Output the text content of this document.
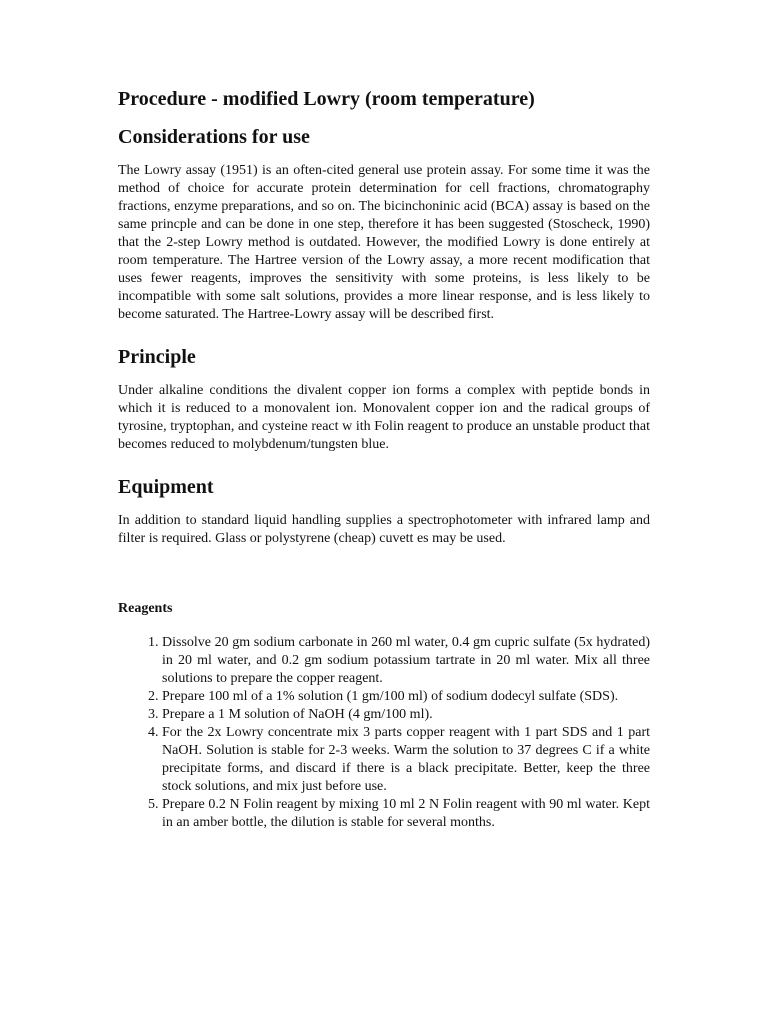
Procedure - modified Lowry (room temperature)
Considerations for use

The Lowry assay (1951) is an often-cited general use protein assay. For some time it was the method of choice for accurate protein determination for cell fractions, chromatography fractions, enzyme preparations, and so on. The bicinchoninic acid (BCA) assay is based on the same princple and can be done in one step, therefore it has been suggested (Stoscheck, 1990) that the 2-step Lowry method is outdated. However, the modified Lowry is done entirely at room temperature. The Hartree version of the Lowry assay, a more recent modification that uses fewer reagents, improves the sensitivity with some proteins, is less likely to be incompatible with some salt solutions, provides a more linear response, and is less likely to become saturated. The Hartree-Lowry assay will be described first.

Principle

Under alkaline conditions the divalent copper ion forms a complex with peptide bonds in which it is reduced to a monovalent ion. Monovalent copper ion and the radical groups of tyrosine, tryptophan, and cysteine react w ith Folin reagent to produce an unstable product that becomes reduced to molybdenum/tungsten blue.

Equipment

In addition to standard liquid handling supplies a spectrophotometer with infrared lamp and filter is required. Glass or polystyrene (cheap) cuvett es may be used.

Reagents
1. Dissolve 20 gm sodium carbonate in 260 ml water, 0.4 gm cupric sulfate (5x hydrated) in 20 ml water, and 0.2 gm sodium potassium tartrate in 20 ml water. Mix all three solutions to prepare the copper reagent.
2. Prepare 100 ml of a 1% solution (1 gm/100 ml) of sodium dodecyl sulfate (SDS).
3. Prepare a 1 M solution of NaOH (4 gm/100 ml).
4. For the 2x Lowry concentrate mix 3 parts copper reagent with 1 part SDS and 1 part NaOH. Solution is stable for 2-3 weeks. Warm the solution to 37 degrees C if a white precipitate forms, and discard if there is a black precipitate. Better, keep the three stock solutions, and mix just before use.
5. Prepare 0.2 N Folin reagent by mixing 10 ml 2 N Folin reagent with 90 ml water. Kept in an amber bottle, the dilution is stable for several months.
